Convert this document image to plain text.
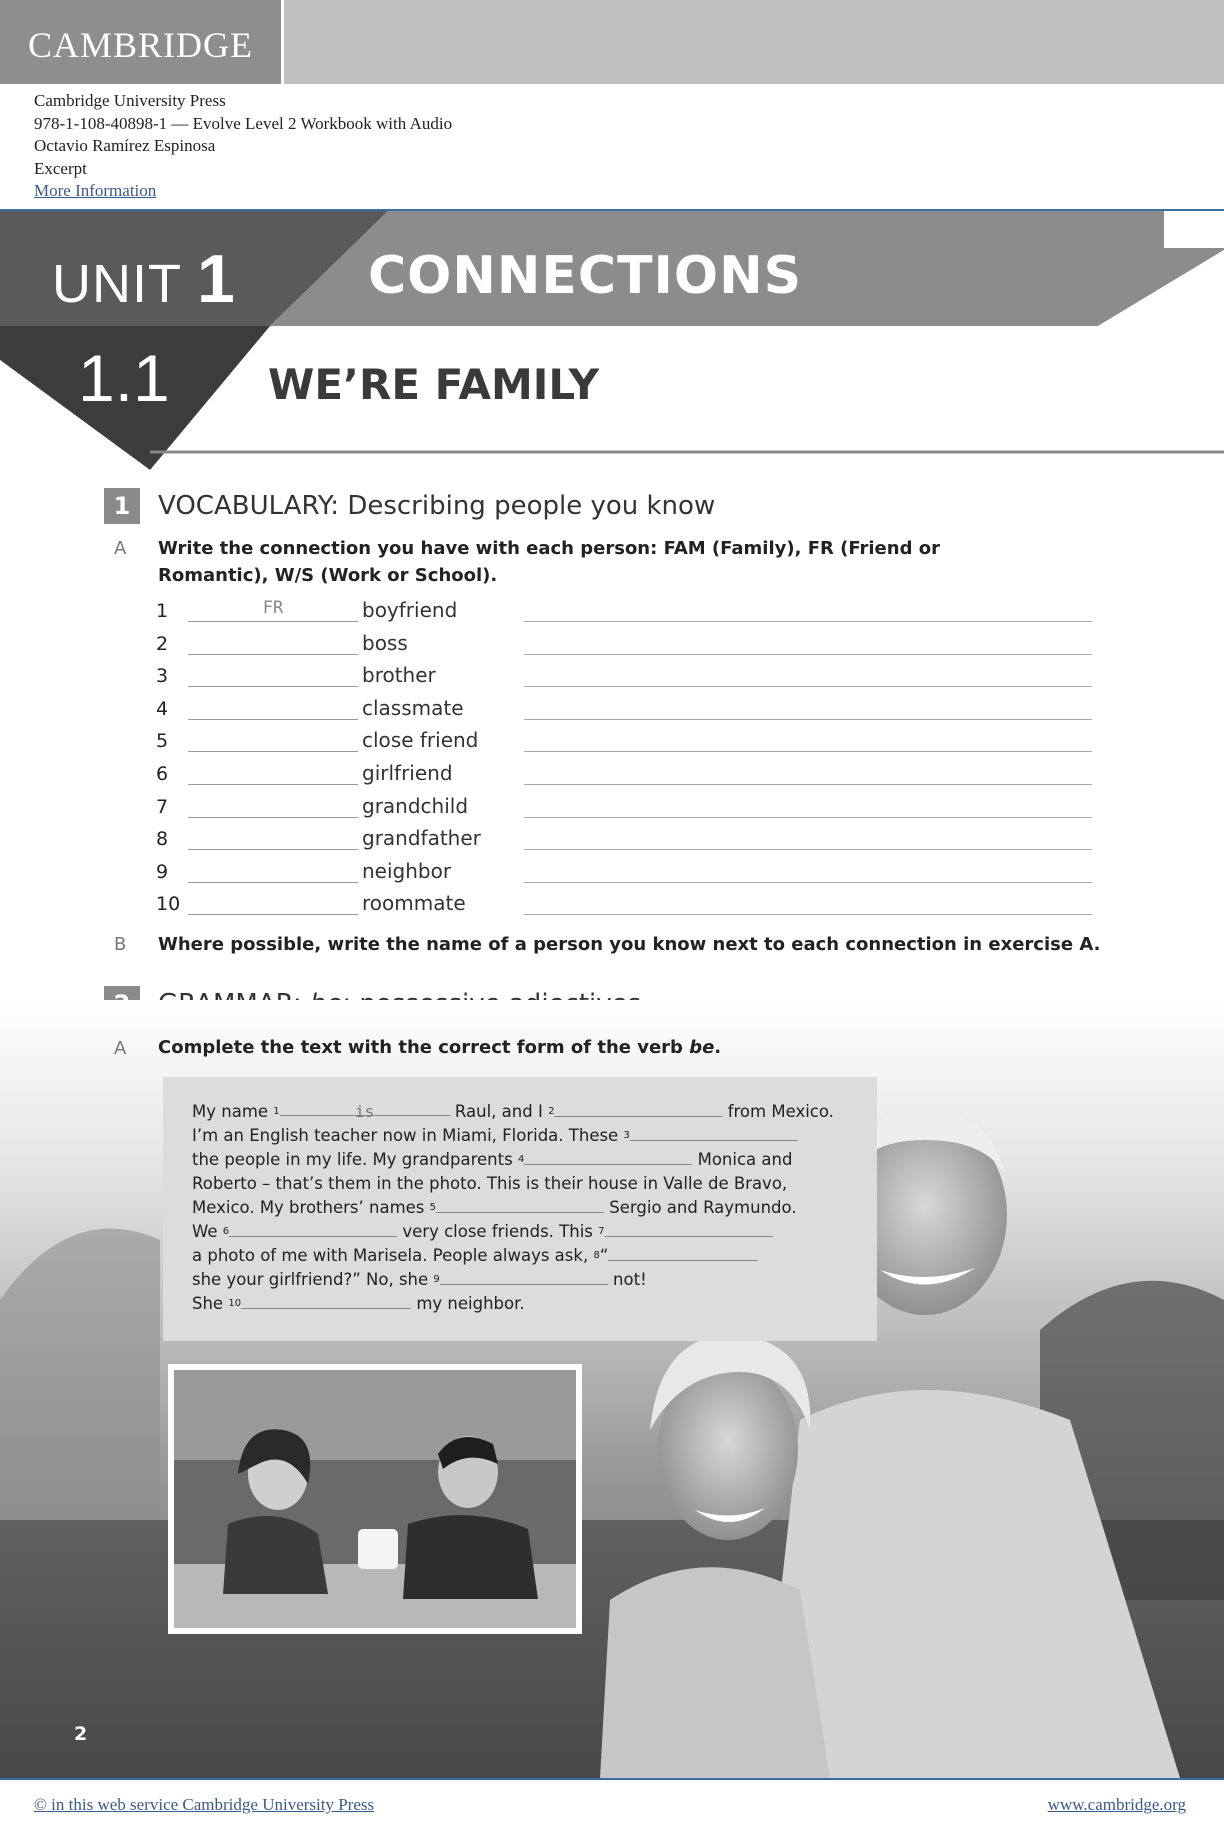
CAMBRIDGE
Cambridge University Press
978-1-108-40898-1 — Evolve Level 2 Workbook with Audio
Octavio Ramírez Espinosa
Excerpt
More Information
UNIT 1	CONNECTIONS
1.1 WE’RE FAMILY
1	VOCABULARY: Describing people you know
A Write the connection you have with each person: FAM (Family), FR (Friend or Romantic), W/S (Work or School).
1	FR	boyfriend
2	boss
3	brother
4	classmate
5	close friend
6	girlfriend
7	grandchild
8	grandfather
9	neighbor
10	roommate
B Where possible, write the name of a person you know next to each connection in exercise A.
My name $^1$	is	Raul, and I $^2$	from Mexico.
I’m an English teacher now in Miami, Florida. These $^3$
the people in my life. My grandparents $^4$	Monica and
Roberto – that’s them in the photo. This is their house in Valle de Bravo,
Mexico. My brothers’ names $^5$	Sergio and Raymundo.
We $^6$	very close friends. This $^7$
a photo of me with Marisela. People always ask, $^8$“
she your girlfriend?” No, she $^9$	not!
She $^{10}$	my neighbor.
2
© in this web service Cambridge University Press	www.cambridge.org
A Complete the text with the correct form of the verb be.
